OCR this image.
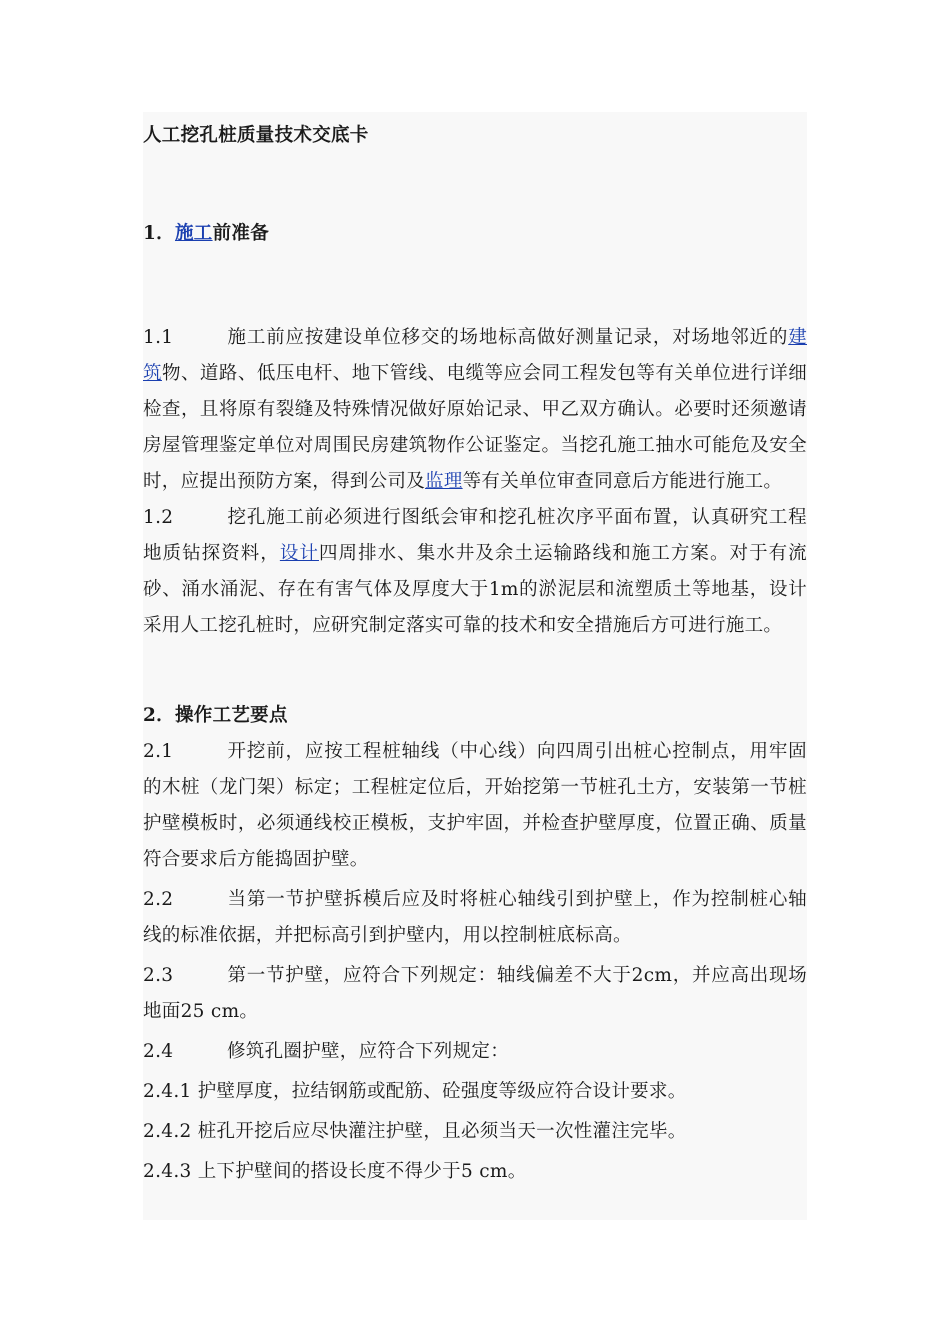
人工挖孔桩质量技术交底卡

1．施工前准备

1.1	施工前应按建设单位移交的场地标高做好测量记录，对场地邻近的建筑物、道路、低压电杆、地下管线、电缆等应会同工程发包等有关单位进行详细检查，且将原有裂缝及特殊情况做好原始记录、甲乙双方确认。必要时还须邀请房屋管理鉴定单位对周围民房建筑物作公证鉴定。当挖孔施工抽水可能危及安全时，应提出预防方案，得到公司及监理等有关单位审查同意后方能进行施工。

1.2	挖孔施工前必须进行图纸会审和挖孔桩次序平面布置，认真研究工程地质钻探资料，设计四周排水、集水井及余土运输路线和施工方案。对于有流砂、涌水涌泥、存在有害气体及厚度大于1m的淤泥层和流塑质土等地基，设计采用人工挖孔桩时，应研究制定落实可靠的技术和安全措施后方可进行施工。

2．操作工艺要点

2.1	开挖前，应按工程桩轴线（中心线）向四周引出桩心控制点，用牢固的木桩（龙门架）标定；工程桩定位后，开始挖第一节桩孔土方，安装第一节桩护壁模板时，必须通线校正模板，支护牢固，并检查护壁厚度，位置正确、质量符合要求后方能捣固护壁。

2.2	当第一节护壁拆模后应及时将桩心轴线引到护壁上，作为控制桩心轴线的标准依据，并把标高引到护壁内，用以控制桩底标高。

2.3	第一节护壁，应符合下列规定：轴线偏差不大于2cm，并应高出现场地面25 cm。

2.4	修筑孔圈护壁，应符合下列规定：

2.4.1 护壁厚度，拉结钢筋或配筋、砼强度等级应符合设计要求。

2.4.2 桩孔开挖后应尽快灌注护壁，且必须当天一次性灌注完毕。

2.4.3 上下护壁间的搭设长度不得少于5 cm。
